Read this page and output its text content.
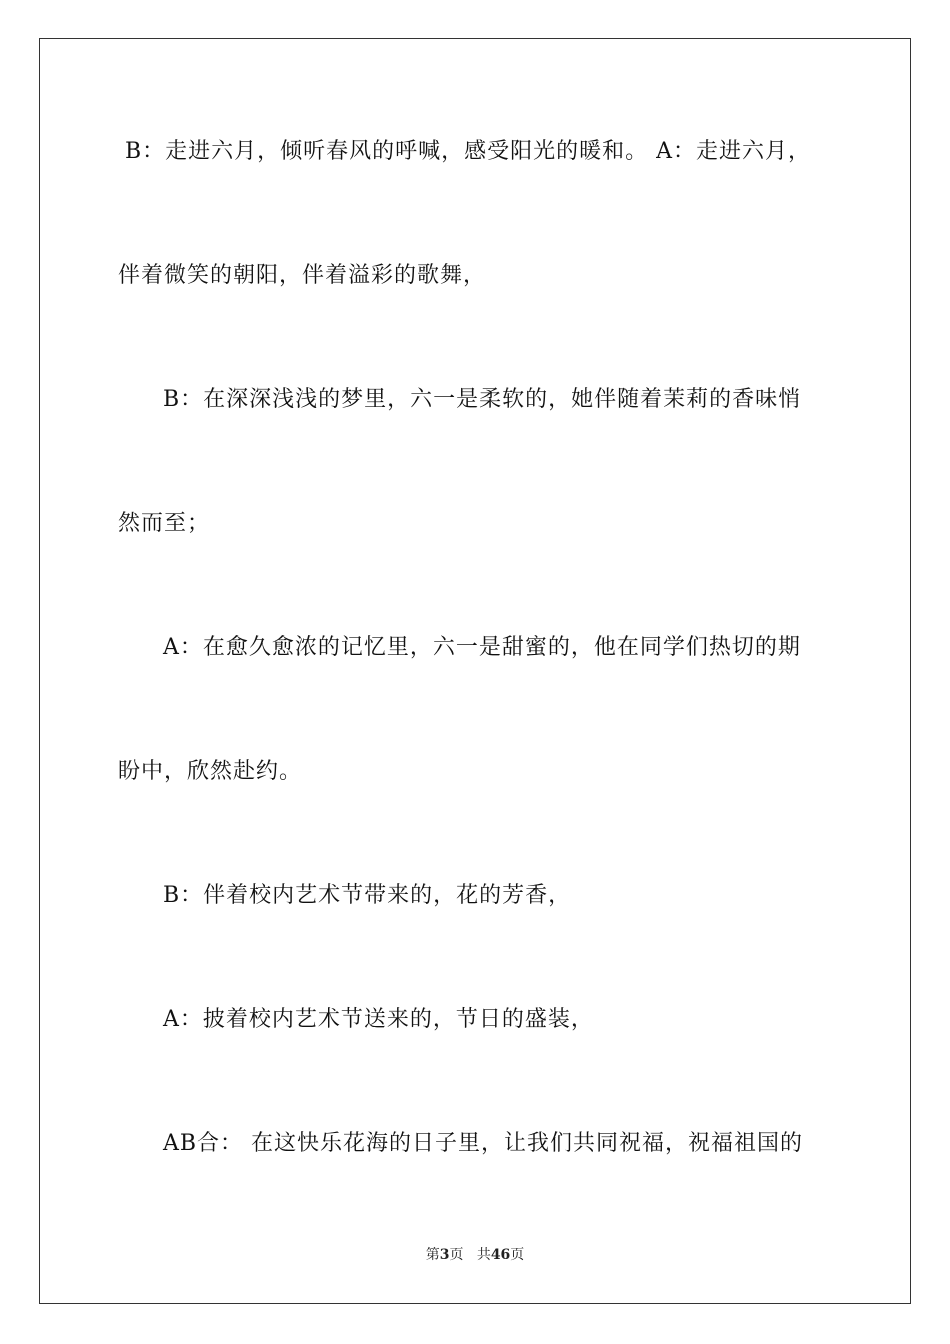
B：走进六月，倾听春风的呼喊，感受阳光的暖和。 A：走进六月，
伴着微笑的朝阳，伴着溢彩的歌舞，
B：在深深浅浅的梦里，六一是柔软的，她伴随着茉莉的香味悄
然而至；
A：在愈久愈浓的记忆里，六一是甜蜜的，他在同学们热切的期
盼中，欣然赴约。
B：伴着校内艺术节带来的，花的芳香，
A：披着校内艺术节送来的，节日的盛装，
AB合： 在这快乐花海的日子里，让我们共同祝福，祝福祖国的
第3页 共46页
